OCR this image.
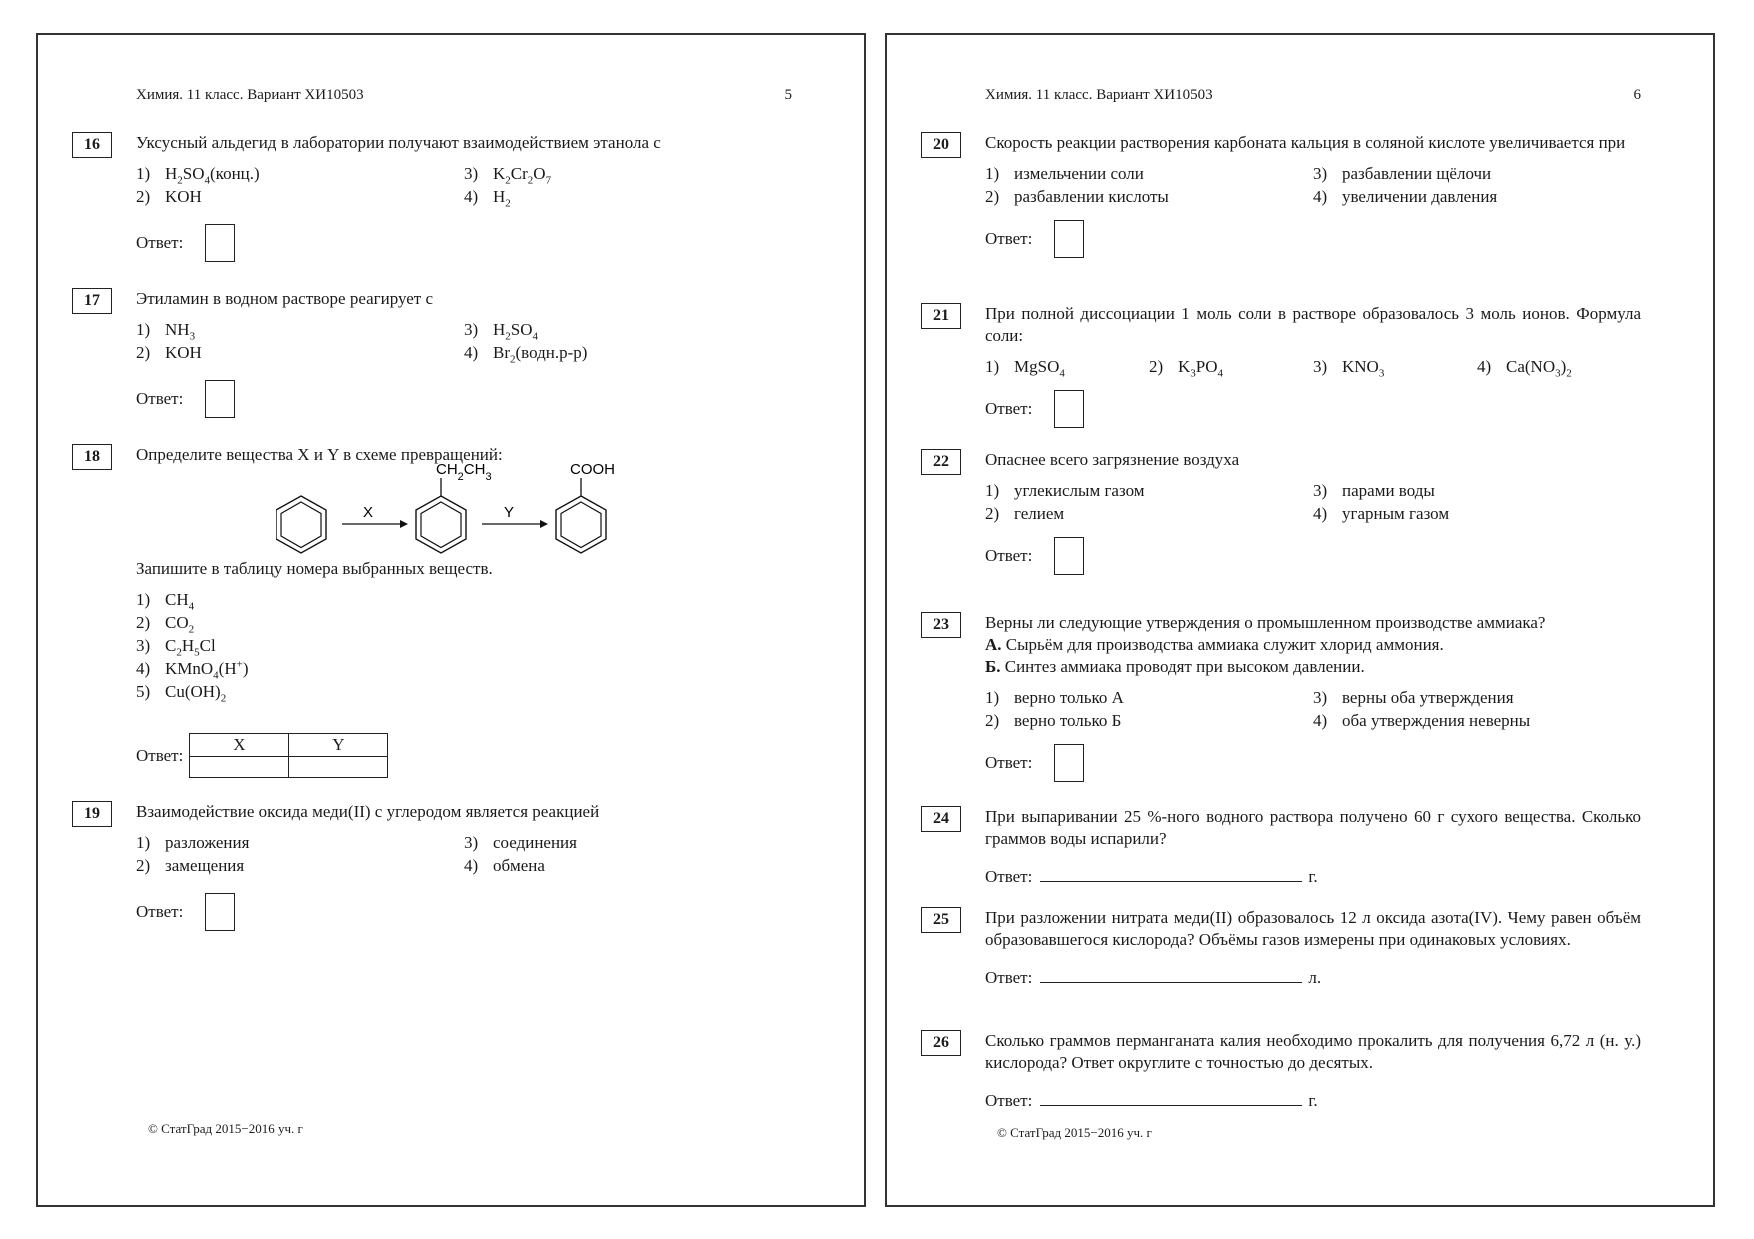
Химия. 11 класс. Вариант ХИ10503	5
16	Уксусный альдегид в лаборатории получают взаимодействием этанола с
1) $H_2SO_4(конц.)$	3) $K_2Cr_2O_7$
2) KOH	4) $H_2$
Ответ:
17	Этиламин в водном растворе реагирует с
1) $NH_3$	3) $H_2SO_4$
2) KOH	4) $Br_2(водн.р-р)$
Ответ:
18	Определите вещества X и Y в схеме превращений:
X
$CH_2CH_3$
Y
COOH
Запишите в таблицу номера выбранных веществ.
1) $CH_4$
2) $CO_2$
3) $C_2H_5Cl$
4) KMnO$_4$(H+)
5) $Cu(OH)_2$
Ответ:
X	Y

19	Взаимодействие оксида меди(II) с углеродом является реакцией
1) разложения	3) соединения
2) замещения	4) обмена
Ответ:
© СтатГрад 2015−2016 уч. г
Химия. 11 класс. Вариант ХИ10503	6
20	Скорость реакции растворения карбоната кальция в соляной кислоте увеличивается при
1) измельчении соли	3) разбавлении щёлочи
2) разбавлении кислоты	4) увеличении давления
Ответ:
21	При полной диссоциации 1 моль соли в растворе образовалось 3 моль ионов. Формула соли:
1) MgSO$_4$	2) $K_3PO_4$	3) $KNO_3$	4) $Ca(NO_3)_2$
Ответ:
22	Опаснее всего загрязнение воздуха
1) углекислым газом	3) парами воды
2) гелием	4) угарным газом
Ответ:
23	Верны ли следующие утверждения о промышленном производстве аммиака?
А. Сырьём для производства аммиака служит хлорид аммония.
Б. Синтез аммиака проводят при высоком давлении.
1) верно только А	3) верны оба утверждения
2) верно только Б	4) оба утверждения неверны
Ответ:
24	При выпаривании 25 %-ного водного раствора получено 60 г сухого вещества. Сколько граммов воды испарили?
Ответ:	г.
25	При разложении нитрата меди(II) образовалось 12 л оксида азота(IV). Чему равен объём образовавшегося кислорода? Объёмы газов измерены при одинаковых условиях.
Ответ:	л.
26	Сколько граммов перманганата калия необходимо прокалить для получения 6,72 л (н. у.) кислорода? Ответ округлите с точностью до десятых.
Ответ:	г.
© СтатГрад 2015−2016 уч. г
